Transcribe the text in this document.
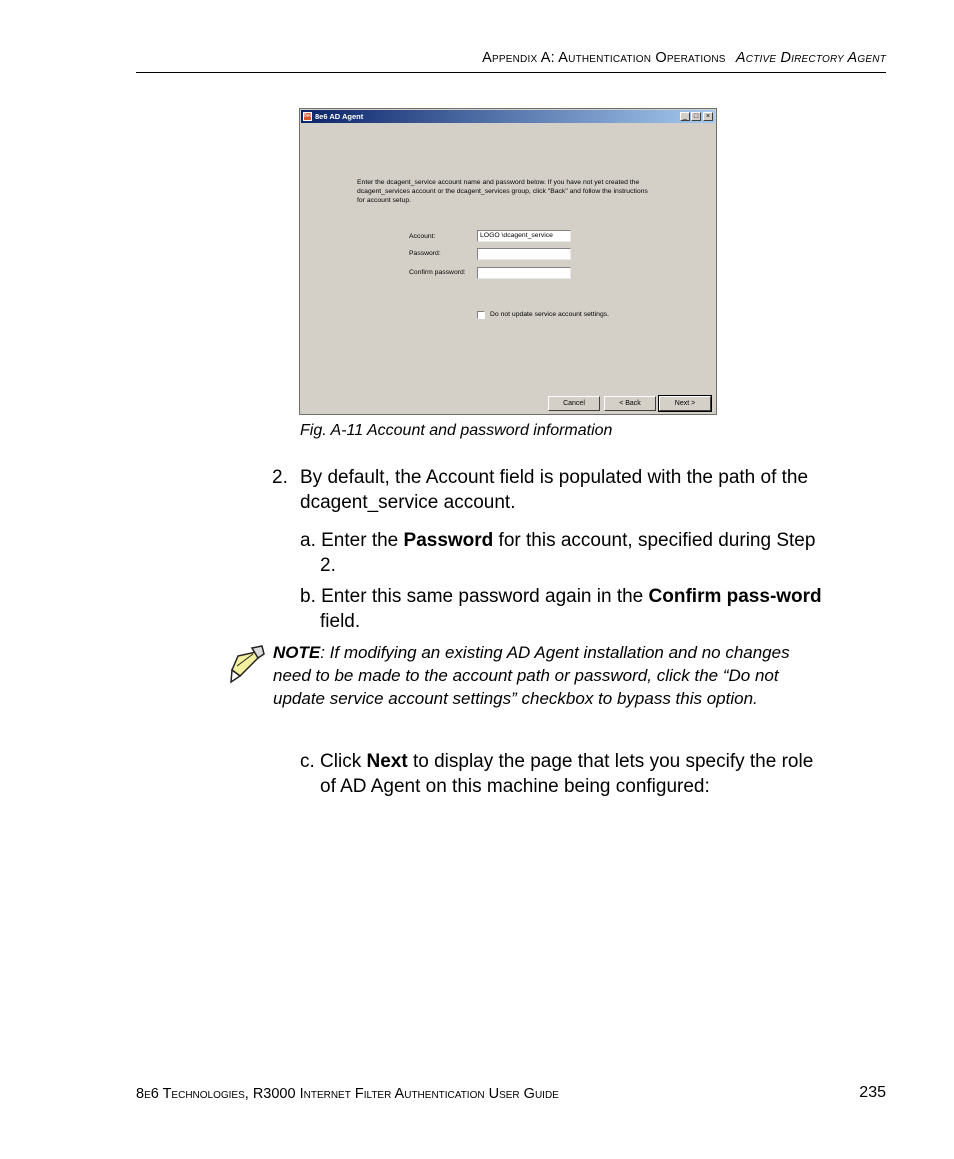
Appendix A: Authentication Operations Active Directory Agent
8e6 8e6 AD Agent	_ □	×
Enter the dcagent_service account name and password below. If you have not yet created the dcagent_services account or the dcagent_services group, click "Back" and follow the instructions for account setup.
Account:	LOGO \dcagent_service
Password:
Confirm password:
Do not update service account settings.
Cancel	< Back	Next >
Fig. A-11 Account and password information
2. By default, the Account field is populated with the path of the dcagent_service account.
a. Enter the Password for this account, specified during Step 2.
b. Enter this same password again in the Confirm pass-word field.
NOTE: If modifying an existing AD Agent installation and no changes need to be made to the account path or password, click the “Do not update service account settings” checkbox to bypass this option.
c. Click Next to display the page that lets you specify the role of AD Agent on this machine being configured:
8e6 Technologies, R3000 Internet Filter Authentication User Guide	235
